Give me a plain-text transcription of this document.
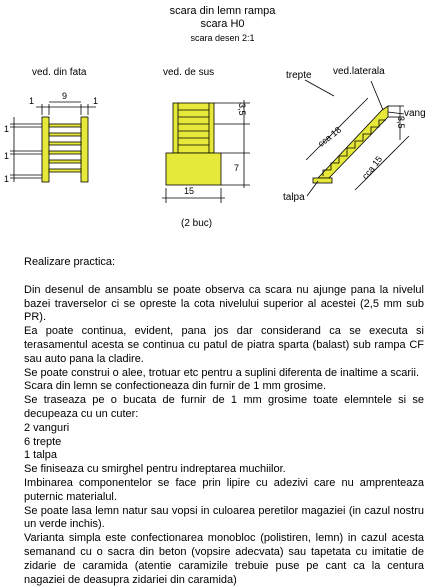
scara din lemn rampa
scara H0
scara desen 2:1
ved. din fata	ved. de sus	ved.laterala
trepte
vang
talpa
9
1	1
1
1
1
3,5
7
15
(2 buc)
cca 18
cca 15
3,5

Realizare practica:

Din desenul de ansamblu se poate observa ca scara nu ajunge pana la nivelul bazei traverselor ci se opreste la cota nivelului superior al acestei (2,5 mm sub PR).

Ea poate continua, evident, pana jos dar considerand ca se executa si terasamentul acesta se continua cu patul de piatra sparta (balast) sub rampa CF sau auto pana la cladire.

Se poate construi o alee, trotuar etc pentru a suplini diferenta de inaltime a scarii.

Scara din lemn se confectioneaza din furnir de 1 mm grosime.

Se traseaza pe o bucata de furnir de 1 mm grosime toate elemntele si se decupeaza cu un cuter:

2 vanguri

6 trepte

1 talpa

Se finiseaza cu smirghel pentru indreptarea muchiilor.

Imbinarea componentelor se face prin lipire cu adezivi care nu amprenteaza puternic materialul.

Se poate lasa lemn natur sau vopsi in culoarea peretilor magaziei (in cazul nostru un verde inchis).

Varianta simpla este confectionarea monobloc (polistiren, lemn) in cazul acesta semanand cu o sacra din beton (vopsire adecvata) sau tapetata cu imitatie de zidarie de caramida (atentie caramizile trebuie puse pe cant ca la centura nagaziei de deasupra zidariei din caramida)
